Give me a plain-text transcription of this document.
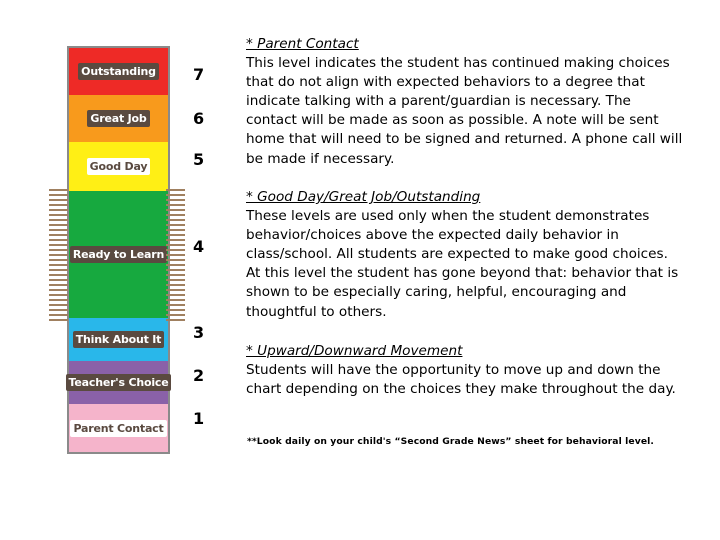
Outstanding
Great Job
Good Day
Ready to Learn
Think About It
Teacher's Choice
Parent Contact
7
6
5
4
3
2
1

* Parent Contact

This level indicates the student has continued making choices that do not align with expected behaviors to a degree that indicate talking with a parent/guardian is necessary. The contact will be made as soon as possible. A note will be sent home that will need to be signed and returned. A phone call will be made if necessary.

* Good Day/Great Job/Outstanding

These levels are used only when the student demonstrates behavior/choices above the expected daily behavior in class/school. All students are expected to make good choices. At this level the student has gone beyond that: behavior that is shown to be especially caring, helpful, encouraging and thoughtful to others.

* Upward/Downward Movement

Students will have the opportunity to move up and down the chart depending on the choices they make throughout the day.

**Look daily on your child's “Second Grade News” sheet for behavioral level.
